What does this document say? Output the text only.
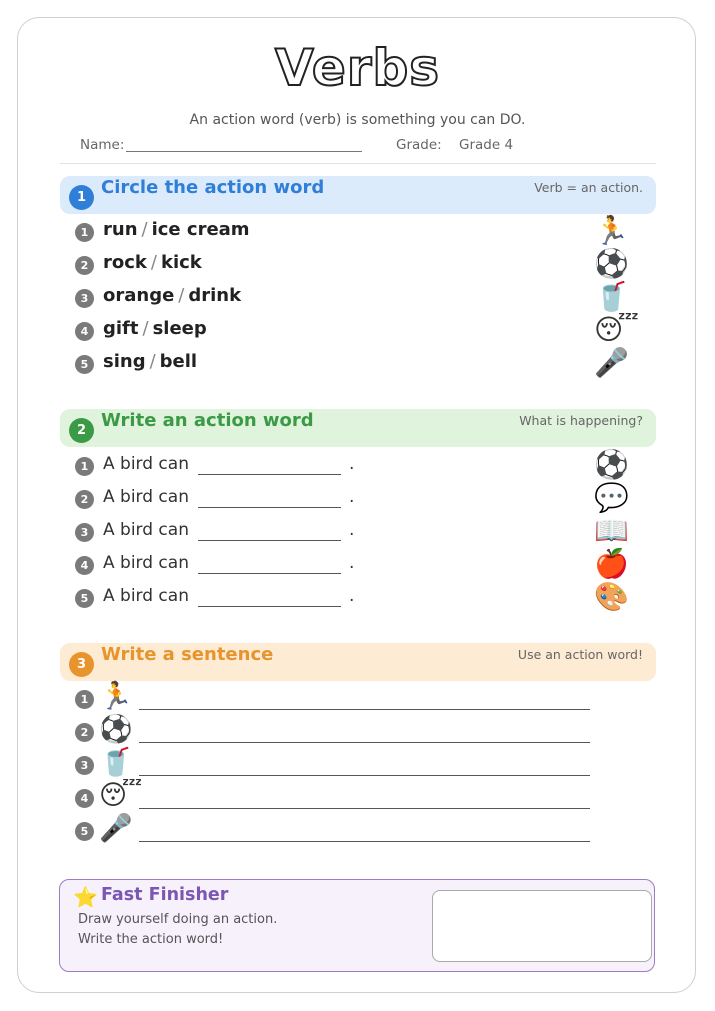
Verbs
An action word (verb) is something you can DO.
Name:	Grade: Grade 4
1 Circle the action word	Verb = an action.
1 run / ice cream	🏃
2 rock / kick	⚽
3 orange / drink	🥤
4 gift / sleep	😴
5 sing / bell	🎤
2 Write an action word	What is happening?
1 A bird can	.	⚽
2 A bird can	.	💬
3 A bird can	.	📖
4 A bird can	.	🍎
5 A bird can	.	🎨
3 Write a sentence	Use an action word!
1 🏃
2 ⚽
3 🥤
4 😴
5 🎤
⭐ Fast Finisher
Draw yourself doing an action.
Write the action word!
